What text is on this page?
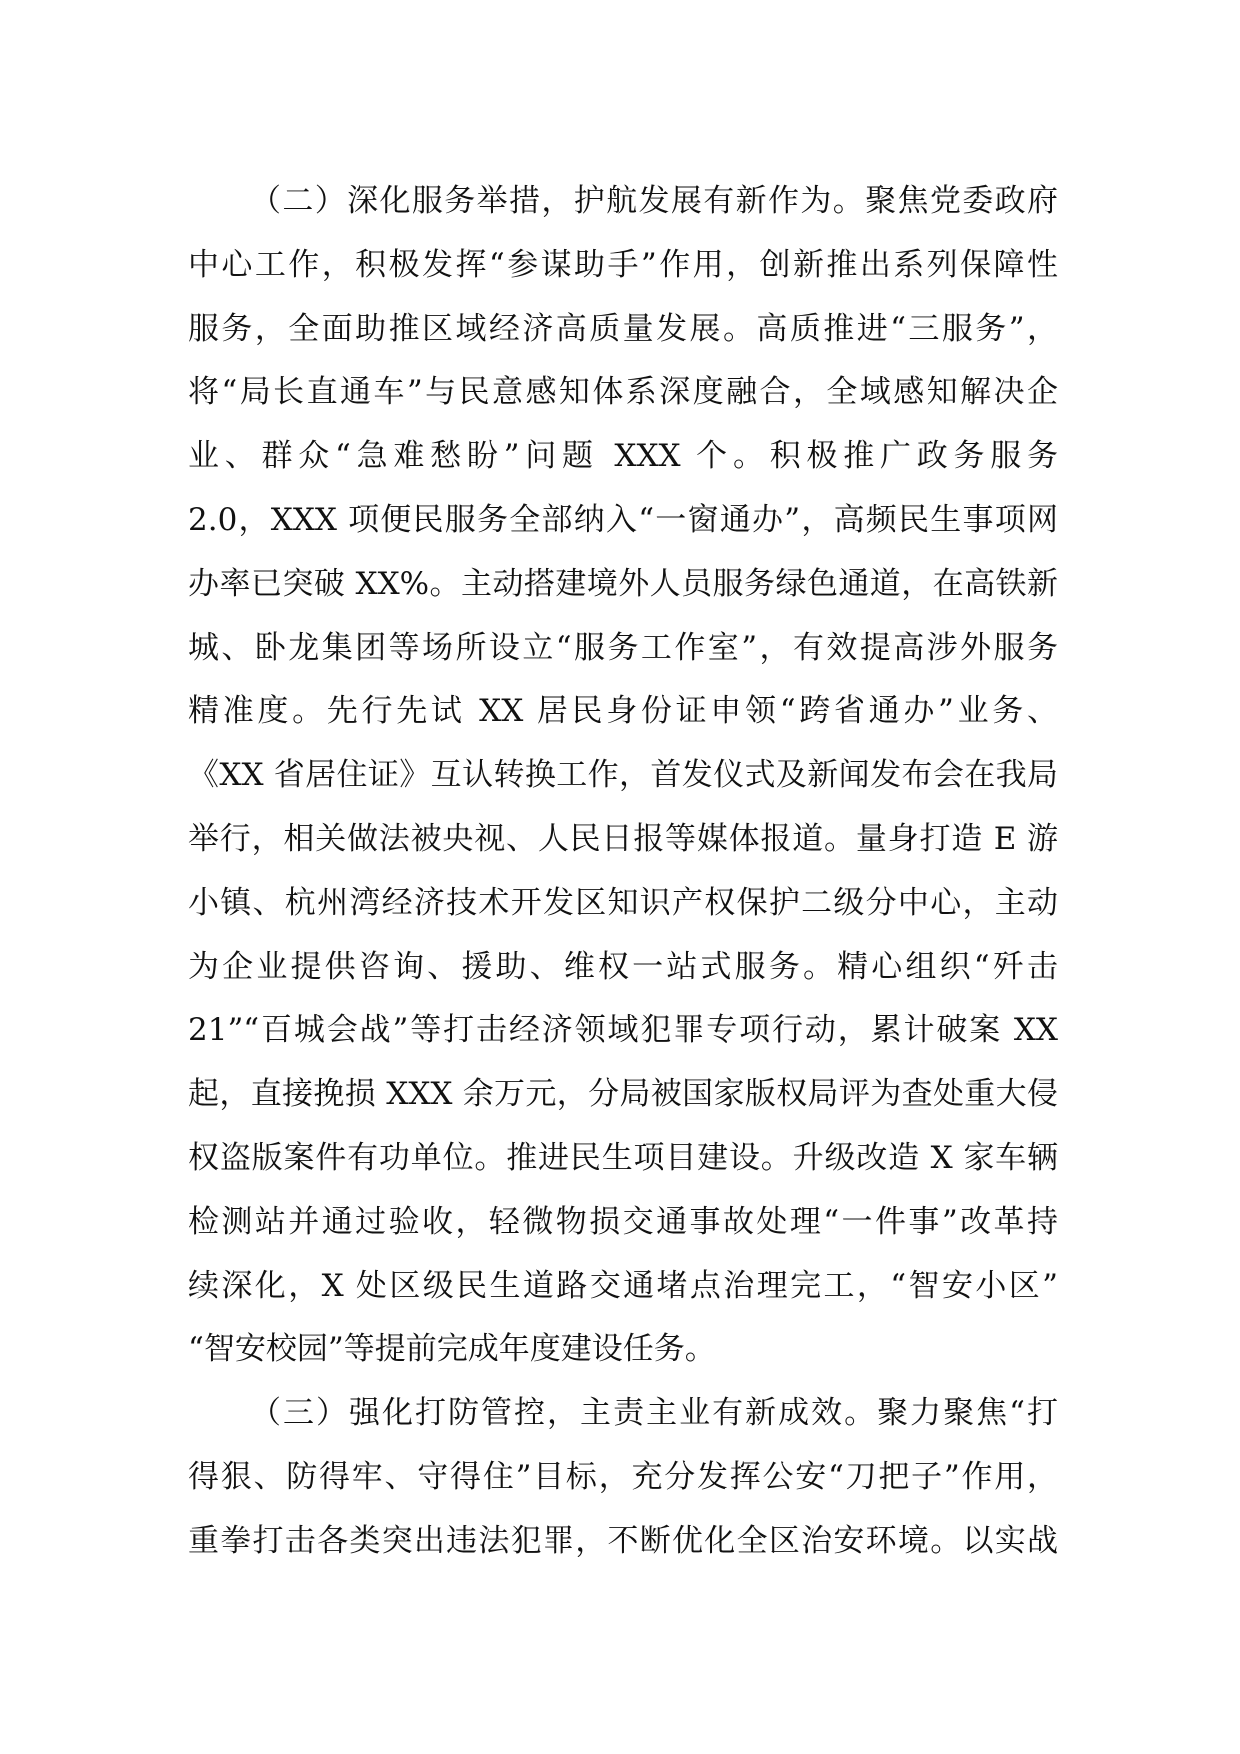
（二）深化服务举措，护航发展有新作为。聚焦党委政府
中心工作，积极发挥“参谋助手”作用，创新推出系列保障性
服务，全面助推区域经济高质量发展。高质推进“三服务”，
将“局长直通车”与民意感知体系深度融合，全域感知解决企
业、群众“急难愁盼”问题 XXX 个。积极推广政务服务
2.0，XXX 项便民服务全部纳入“一窗通办”，高频民生事项网
办率已突破 XX%。主动搭建境外人员服务绿色通道，在高铁新
城、卧龙集团等场所设立“服务工作室”，有效提高涉外服务
精准度。先行先试 XX 居民身份证申领“跨省通办”业务、
《XX 省居住证》互认转换工作，首发仪式及新闻发布会在我局
举行，相关做法被央视、人民日报等媒体报道。量身打造 E 游
小镇、杭州湾经济技术开发区知识产权保护二级分中心，主动
为企业提供咨询、援助、维权一站式服务。精心组织“歼击
21”“百城会战”等打击经济领域犯罪专项行动，累计破案 XX
起，直接挽损 XXX 余万元，分局被国家版权局评为查处重大侵
权盗版案件有功单位。推进民生项目建设。升级改造 X 家车辆
检测站并通过验收，轻微物损交通事故处理“一件事”改革持
续深化，X 处区级民生道路交通堵点治理完工，“智安小区”
“智安校园”等提前完成年度建设任务。
（三）强化打防管控，主责主业有新成效。聚力聚焦“打
得狠、防得牢、守得住”目标，充分发挥公安“刀把子”作用，
重拳打击各类突出违法犯罪，不断优化全区治安环境。以实战
